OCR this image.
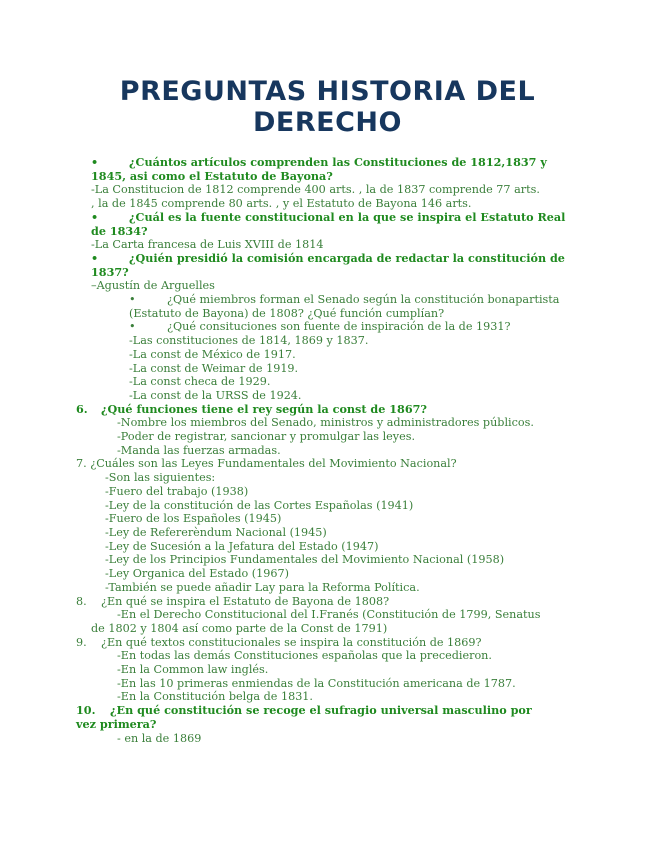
PREGUNTAS HISTORIA DEL
DERECHO

•	¿Cuántos artículos comprenden las Constituciones de 1812,1837 y 1845, asi como el Estatuto de Bayona?

-La Constitucion de 1812 comprende 400 arts. , la de 1837 comprende 77 arts.

, la de 1845 comprende 80 arts. , y el Estatuto de Bayona 146 arts.

•	¿Cuál es la fuente constitucional en la que se inspira el Estatuto Real de 1834?

-La Carta francesa de Luis XVIII de 1814

•	¿Quién presidió la comisión encargada de redactar la constitución de 1837?

–Agustín de Arguelles

•	¿Qué miembros forman el Senado según la constitución bonapartista (Estatuto de Bayona) de 1808? ¿Qué función cumplían?

•	¿Qué consituciones son fuente de inspiración de la de 1931?

-Las constituciones de 1814, 1869 y 1837.

-La const de México de 1917.

-La const de Weimar de 1919.

-La const checa de 1929.

-La const de la URSS de 1924.

6. ¿Qué funciones tiene el rey según la const de 1867?

-Nombre los miembros del Senado, ministros y administradores públicos.

-Poder de registrar, sancionar y promulgar las leyes.

-Manda las fuerzas armadas.

7. ¿Cuáles son las Leyes Fundamentales del Movimiento Nacional?

-Son las siguientes:

-Fuero del trabajo (1938)

-Ley de la constitución de las Cortes Españolas (1941)

-Fuero de los Españoles (1945)

-Ley de Refererèndum Nacional (1945)

-Ley de Sucesión a la Jefatura del Estado (1947)

-Ley de los Principios Fundamentales del Movimiento Nacional (1958)

-Ley Organica del Estado (1967)

-También se puede añadir Lay para la Reforma Política.

8. ¿En qué se inspira el Estatuto de Bayona de 1808?

-En el Derecho Constitucional del I.Franés (Constitución de 1799, Senatus

de 1802 y 1804 así como parte de la Const de 1791)

9. ¿En qué textos constitucionales se inspira la constitución de 1869?

-En todas las demás Constituciones españolas que la precedieron.

-En la Common law inglés.

-En las 10 primeras enmiendas de la Constitución americana de 1787.

-En la Constitución belga de 1831.

10. ¿En qué constitución se recoge el sufragio universal masculino por

vez primera?

- en la de 1869
